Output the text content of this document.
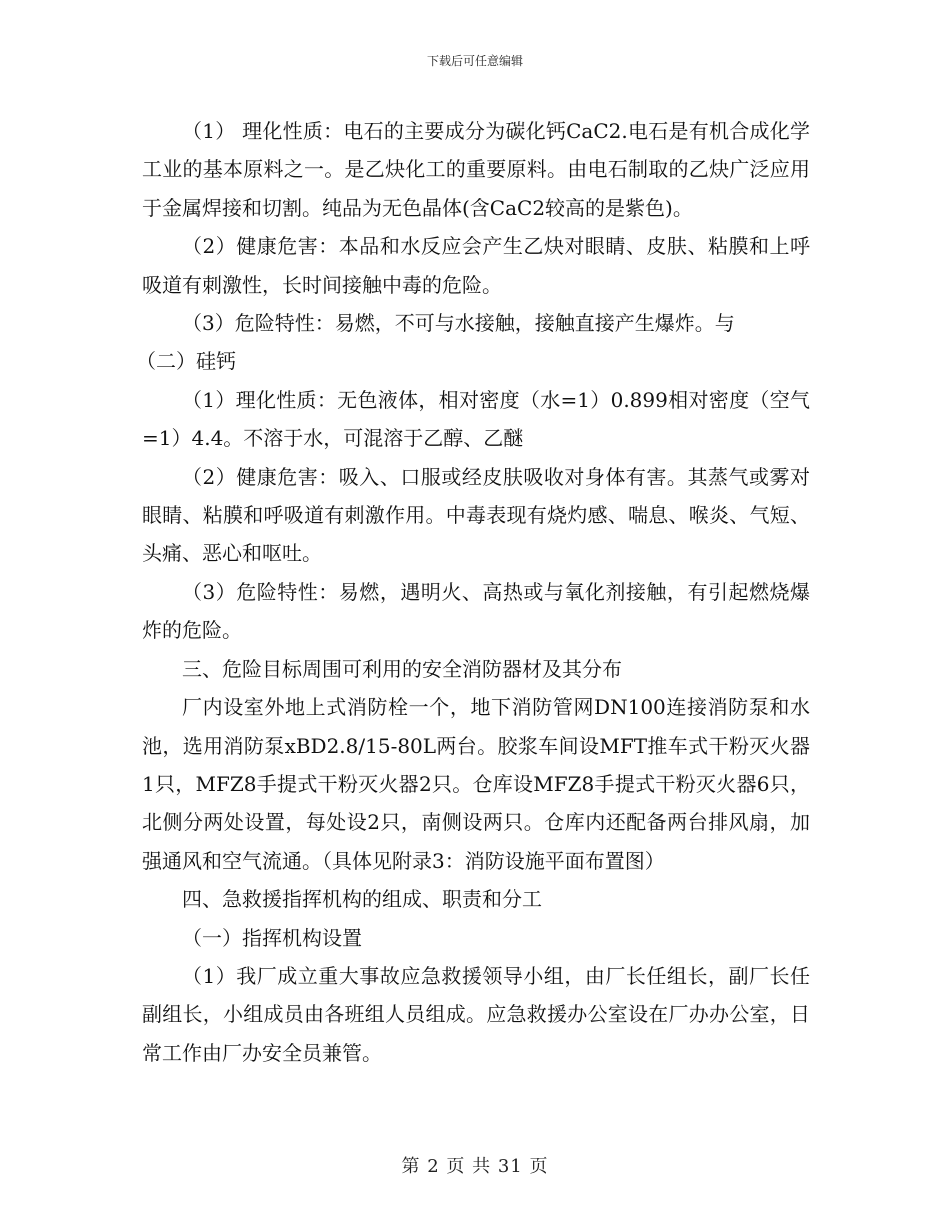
下载后可任意编辑

（1） 理化性质：电石的主要成分为碳化钙CaC2.电石是有机合成化学工业的基本原料之一。是乙炔化工的重要原料。由电石制取的乙炔广泛应用于金属焊接和切割。纯品为无色晶体(含CaC2较高的是紫色)。

（2）健康危害：本品和水反应会产生乙炔对眼睛、皮肤、粘膜和上呼吸道有刺激性，长时间接触中毒的危险。

（3）危险特性：易燃，不可与水接触，接触直接产生爆炸。与

（二）硅钙

（1）理化性质：无色液体，相对密度（水=1）0.899相对密度（空气=1）4.4。不溶于水，可混溶于乙醇、乙醚

（2）健康危害：吸入、口服或经皮肤吸收对身体有害。其蒸气或雾对眼睛、粘膜和呼吸道有刺激作用。中毒表现有烧灼感、喘息、喉炎、气短、头痛、恶心和呕吐。

（3）危险特性：易燃，遇明火、高热或与氧化剂接触，有引起燃烧爆炸的危险。

三、危险目标周围可利用的安全消防器材及其分布

厂内设室外地上式消防栓一个，地下消防管网DN100连接消防泵和水池，选用消防泵xBD2.8/15-80L两台。胶浆车间设MFT推车式干粉灭火器1只，MFZ8手提式干粉灭火器2只。仓库设MFZ8手提式干粉灭火器6只，北侧分两处设置，每处设2只，南侧设两只。仓库内还配备两台排风扇，加强通风和空气流通。（具体见附录3：消防设施平面布置图）

四、急救援指挥机构的组成、职责和分工

（一）指挥机构设置

（1）我厂成立重大事故应急救援领导小组，由厂长任组长，副厂长任副组长，小组成员由各班组人员组成。应急救援办公室设在厂办办公室，日常工作由厂办安全员兼管。

第 2 页 共 31 页
